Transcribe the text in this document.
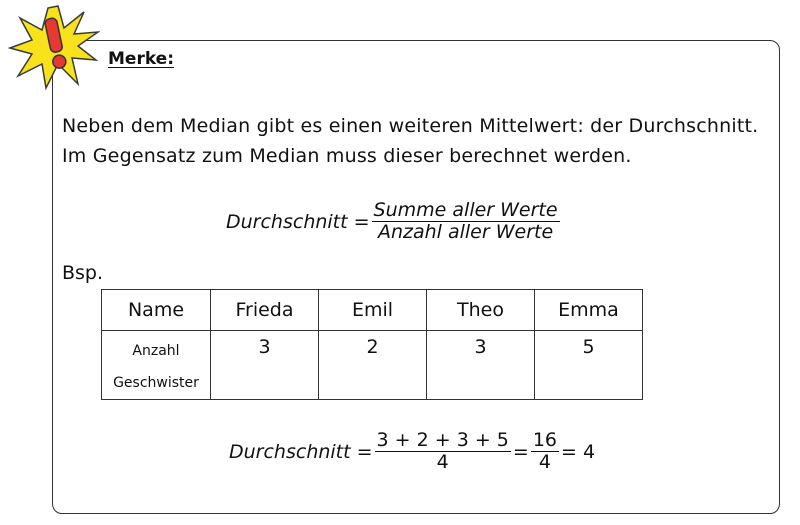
Merke:
Neben dem Median gibt es einen weiteren Mittelwert: der Durchschnitt.
Im Gegensatz zum Median muss dieser berechnet werden.
Durchschnitt = $\frac{\text{Summe aller Werte}}{\text{Anzahl aller Werte}}$
Bsp.
Name	Frieda	Emil	Theo	Emma

Anzahl
Geschwister	3	2	3	5
Durchschnitt = $\frac{3 + 2 + 3 + 5}{4} = \frac{16}{4} = 4$
